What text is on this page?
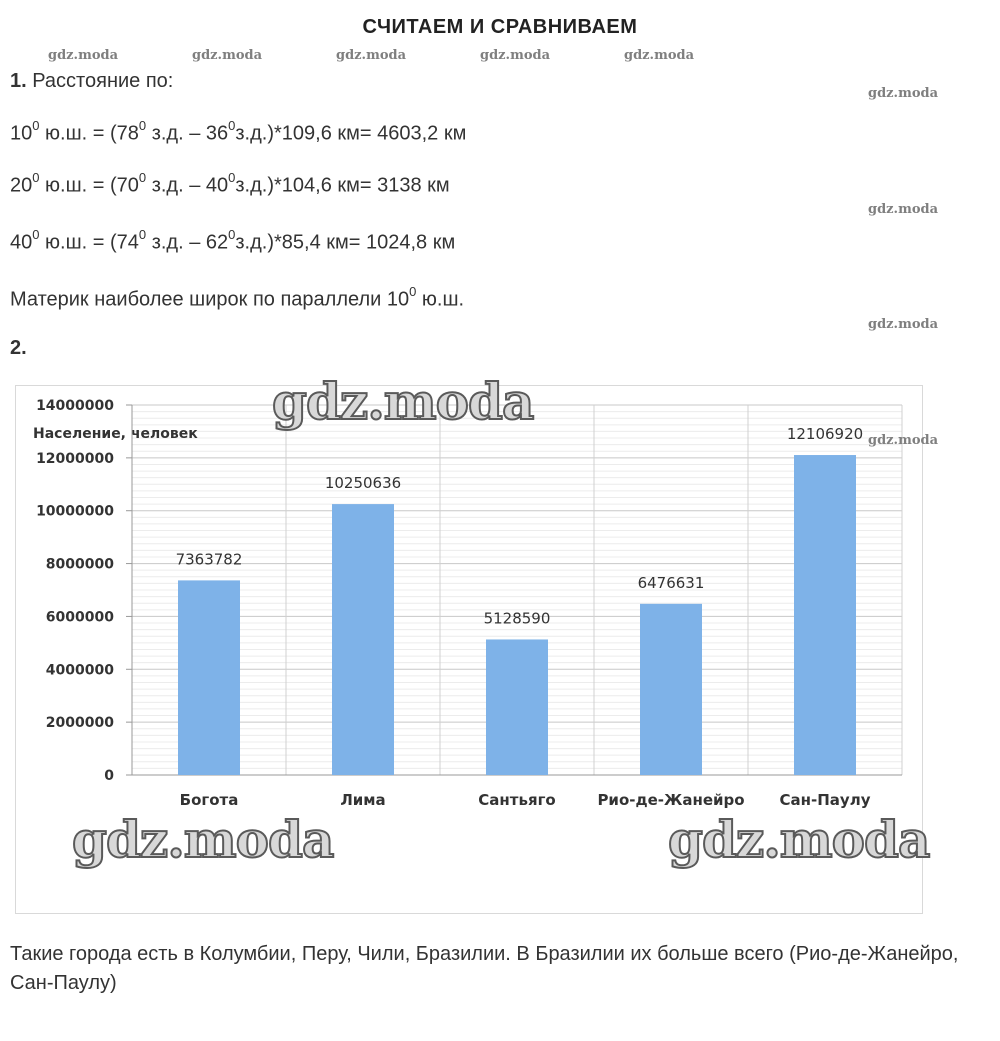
СЧИТАЕМ И СРАВНИВАЕМ
gdz.moda	gdz.moda	gdz.moda	gdz.moda	gdz.moda
gdz.moda
gdz.moda
gdz.moda
1. Расстояние по:
$10^0$ ю.ш. = ($78^0$ з.д. – $36^0з.д.)*109,6$ км= 4603,2 км
$20^0$ ю.ш. = ($70^0$ з.д. – $40^0з.д.)*104,6$ км= 3138 км
$40^0$ ю.ш. = ($74^0$ з.д. – $62^0з.д.)*85,4$ км= 1024,8 км
Материк наиболее широк по параллели $10^0$ ю.ш.
2.
0
2000000
4000000
6000000
8000000
10000000
12000000
14000000
Население, человек
7363782
Богота
10250636
Лима
5128590
Сантьяго
6476631
Рио-де-Жанейро
12106920
Сан-Паулу
gdz.moda
gdz.moda	gdz.moda
gdz.moda
Такие города есть в Колумбии, Перу, Чили, Бразилии. В Бразилии их больше всего (Рио-де-Жанейро, Сан-Паулу)
